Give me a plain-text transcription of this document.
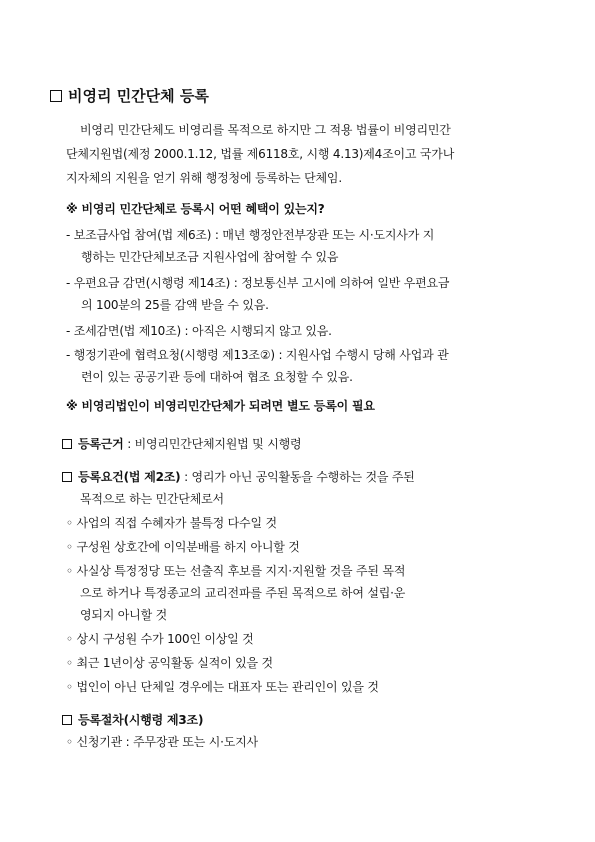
비영리 민간단체 등록
비영리 민간단체도 비영리를 목적으로 하지만 그 적용 법률이 비영리민간
단체지원법(제정 2000.1.12, 법률 제6118호, 시행 4.13)제4조이고 국가나
지자체의 지원을 얻기 위해 행정청에 등록하는 단체임.
※ 비영리 민간단체로 등록시 어떤 혜택이 있는지?
- 보조금사업 참여(법 제6조) : 매년 행정안전부장관 또는 시·도지사가 지
행하는 민간단체보조금 지원사업에 참여할 수 있음
- 우편요금 감면(시행령 제14조) : 정보통신부 고시에 의하여 일반 우편요금
의 100분의 25를 감액 받을 수 있음.
- 조세감면(법 제10조) : 아직은 시행되지 않고 있음.
- 행정기관에 협력요청(시행령 제13조②) : 지원사업 수행시 당해 사업과 관
련이 있는 공공기관 등에 대하여 협조 요청할 수 있음.
※ 비영리법인이 비영리민간단체가 되려면 별도 등록이 필요
등록근거 : 비영리민간단체지원법 및 시행령
등록요건(법 제2조) : 영리가 아닌 공익활동을 수행하는 것을 주된
목적으로 하는 민간단체로서
◦ 사업의 직접 수혜자가 불특정 다수일 것
◦ 구성원 상호간에 이익분배를 하지 아니할 것
◦ 사실상 특정정당 또는 선출직 후보를 지지·지원할 것을 주된 목적
으로 하거나 특정종교의 교리전파를 주된 목적으로 하여 설립·운
영되지 아니할 것
◦ 상시 구성원 수가 100인 이상일 것
◦ 최근 1년이상 공익활동 실적이 있을 것
◦ 법인이 아닌 단체일 경우에는 대표자 또는 관리인이 있을 것
등록절차(시행령 제3조)
◦ 신청기관 : 주무장관 또는 시·도지사
